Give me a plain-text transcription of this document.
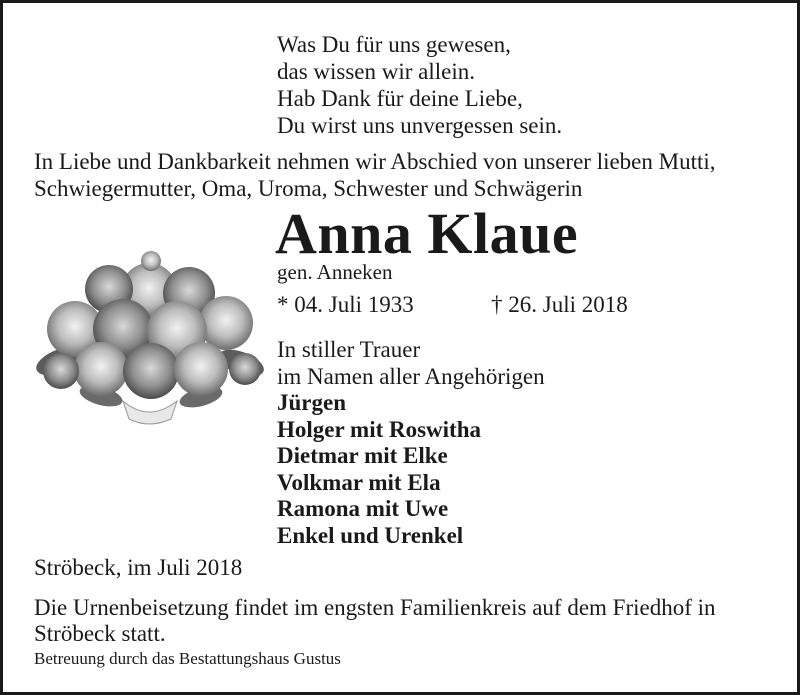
Was Du für uns gewesen,
das wissen wir allein.
Hab Dank für deine Liebe,
Du wirst uns unvergessen sein.
In Liebe und Dankbarkeit nehmen wir Abschied von unserer lieben Mutti,
Schwiegermutter, Oma, Uroma, Schwester und Schwägerin
Anna Klaue
gen. Anneken
* 04. Juli 1933	† 26. Juli 2018
In stiller Trauer
im Namen aller Angehörigen
Jürgen
Holger mit Roswitha
Dietmar mit Elke
Volkmar mit Ela
Ramona mit Uwe
Enkel und Urenkel
Ströbeck, im Juli 2018
Die Urnenbeisetzung findet im engsten Familienkreis auf dem Friedhof in
Ströbeck statt.
Betreuung durch das Bestattungshaus Gustus
